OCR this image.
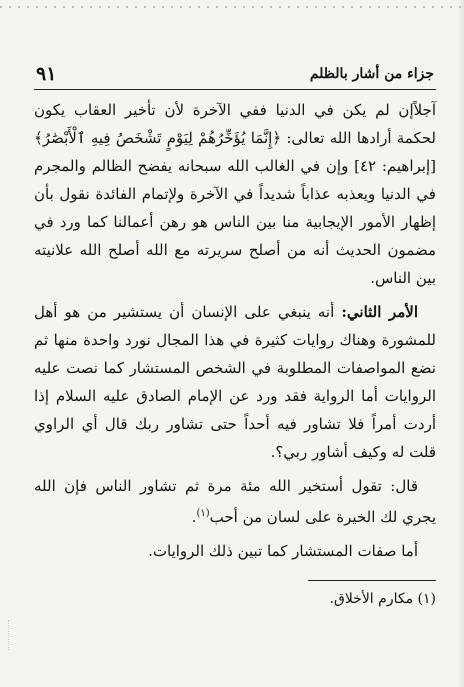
جزاء من أشار بالظلم
٩١

آجلاًإن لم يكن في الدنيا ففي الآخرة لأن تأخير العقاب يكون لحكمة أرادها الله تعالى: ﴿إِنَّمَا يُؤَخِّرُهُمْ لِيَوْمٍ تَشْخَصُ فِيهِ ٱلْأَبْصَٰرُ﴾ [إبراهيم: ٤٢] وإن في الغالب الله سبحانه يفضح الظالم والمجرم في الدنيا ويعذبه عذاباً شديداً في الآخرة ولإتمام الفائدة نقول بأن إظهار الأمور الإيجابية منا بين الناس هو رهن أعمالنا كما ورد في مضمون الحديث أنه من أصلح سريرته مع الله أصلح الله علانيته بين الناس.

الأمر الثاني: أنه ينبغي على الإنسان أن يستشير من هو أهل للمشورة وهناك روايات كثيرة في هذا المجال نورد واحدة منها ثم نضع المواصفات المطلوبة في الشخص المستشار كما نصت عليه الروايات أما الرواية فقد ورد عن الإمام الصادق عليه السلام إذا أردت أمراً فلا تشاور فيه أحداً حتى تشاور ربك قال أي الراوي قلت له وكيف أشاور ربي؟.

قال: تقول أستخير الله مئة مرة ثم تشاور الناس فإن الله يجري لك الخيرة على لسان من أحب$^{(١)}$.

أما صفات المستشار كما تبين ذلك الروايات.

(١) مكارم الأخلاق.
